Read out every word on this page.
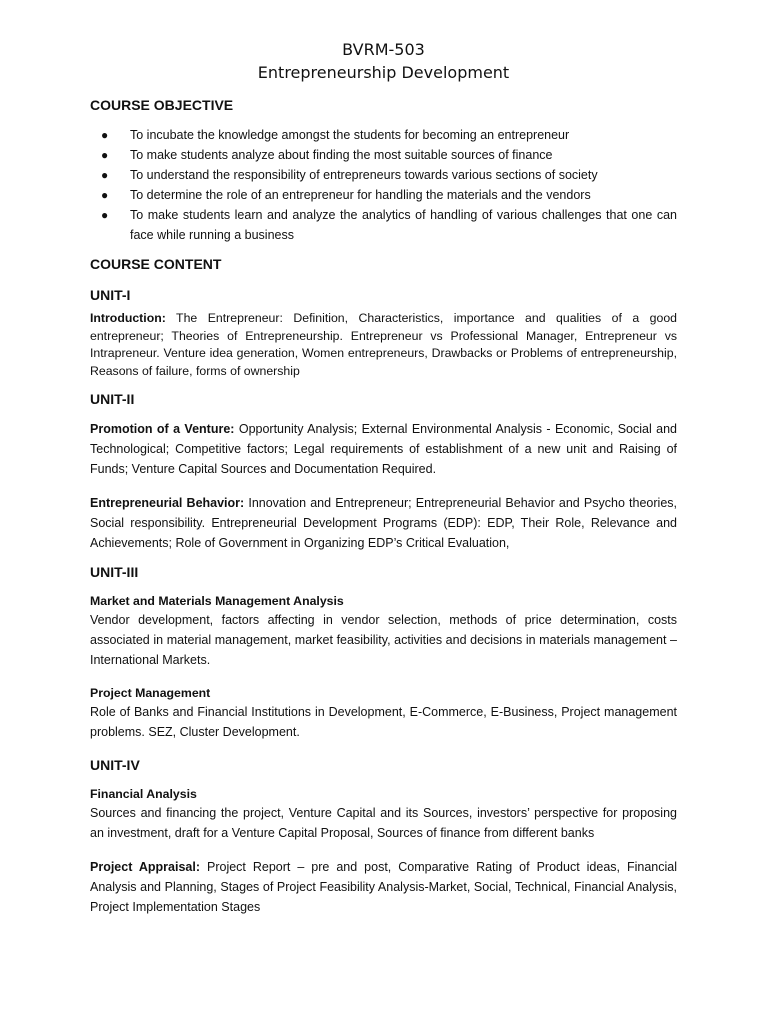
BVRM-503
Entrepreneurship Development

COURSE OBJECTIVE

● To incubate the knowledge amongst the students for becoming an entrepreneur
● To make students analyze about finding the most suitable sources of finance
● To understand the responsibility of entrepreneurs towards various sections of society
● To determine the role of an entrepreneur for handling the materials and the vendors
● To make students learn and analyze the analytics of handling of various challenges that one can face while running a business

COURSE CONTENT

UNIT-I

Introduction: The Entrepreneur: Definition, Characteristics, importance and qualities of a good entrepreneur; Theories of Entrepreneurship. Entrepreneur vs Professional Manager, Entrepreneur vs Intrapreneur. Venture idea generation, Women entrepreneurs, Drawbacks or Problems of entrepreneurship, Reasons of failure, forms of ownership

UNIT-II

Promotion of a Venture: Opportunity Analysis; External Environmental Analysis - Economic, Social and Technological; Competitive factors; Legal requirements of establishment of a new unit and Raising of Funds; Venture Capital Sources and Documentation Required.

Entrepreneurial Behavior: Innovation and Entrepreneur; Entrepreneurial Behavior and Psycho theories, Social responsibility. Entrepreneurial Development Programs (EDP): EDP, Their Role, Relevance and Achievements; Role of Government in Organizing EDP’s Critical Evaluation,

UNIT-III

Market and Materials Management Analysis

Vendor development, factors affecting in vendor selection, methods of price determination, costs associated in material management, market feasibility, activities and decisions in materials management – International Markets.

Project Management

Role of Banks and Financial Institutions in Development, E-Commerce, E-Business, Project management problems. SEZ, Cluster Development.

UNIT-IV

Financial Analysis

Sources and financing the project, Venture Capital and its Sources, investors’ perspective for proposing an investment, draft for a Venture Capital Proposal, Sources of finance from different banks

Project Appraisal: Project Report – pre and post, Comparative Rating of Product ideas, Financial Analysis and Planning, Stages of Project Feasibility Analysis-Market, Social, Technical, Financial Analysis, Project Implementation Stages
